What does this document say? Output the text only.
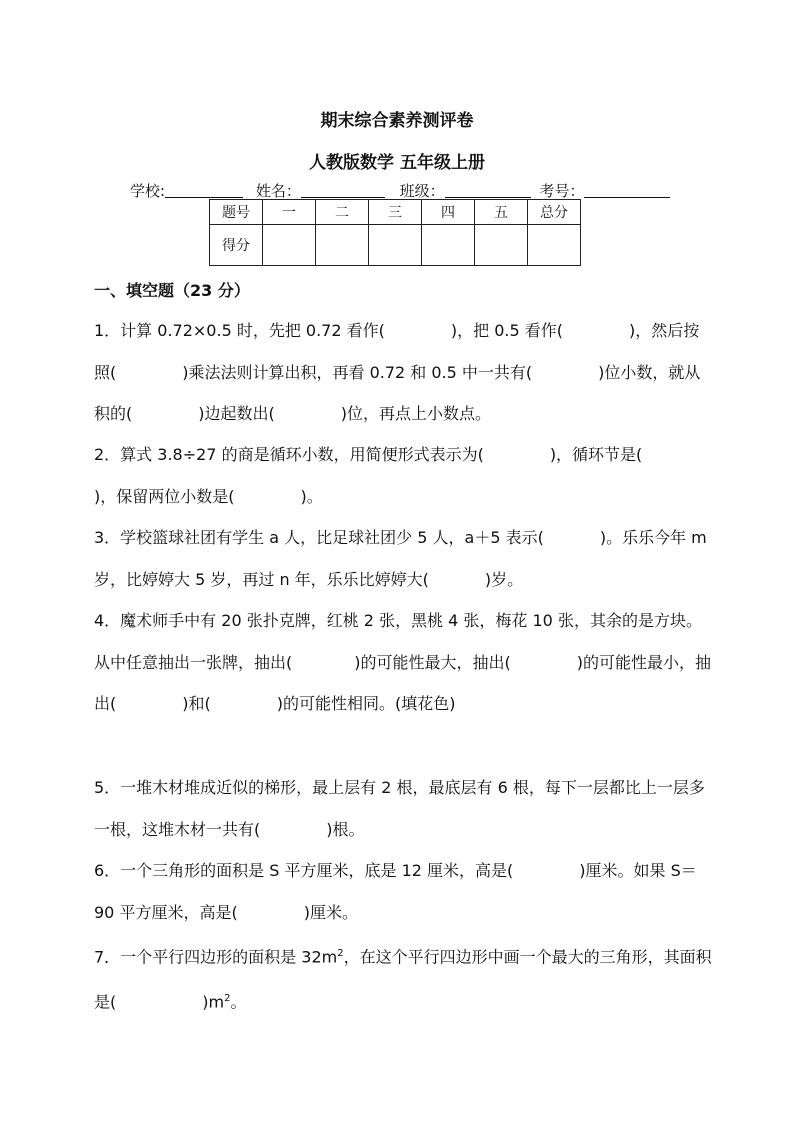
期末综合素养测评卷
人教版数学 五年级上册
学校:	姓名：	班级：	考号：
题号	一	二	三	四	五	总分
得分						
一、填空题（23 分）
1．计算 0.72×0.5 时，先把 0.72 看作(	)，把 0.5 看作(	)，然后按照(	)乘法法则计算出积，再看 0.72 和 0.5 中一共有(	)位小数，就从积的(	)边起数出(	)位，再点上小数点。
2．算式 3.8÷27 的商是循环小数，用简便形式表示为(	)，循环节是()，保留两位小数是(	)。
3．学校篮球社团有学生 a 人，比足球社团少 5 人，a＋5 表示(	)。乐乐今年 m 岁，比婷婷大 5 岁，再过 n 年，乐乐比婷婷大(	)岁。
4．魔术师手中有 20 张扑克牌，红桃 2 张，黑桃 4 张，梅花 10 张，其余的是方块。从中任意抽出一张牌，抽出(	)的可能性最大，抽出(	)的可能性最小，抽出(	)和(	)的可能性相同。(填花色)
5．一堆木材堆成近似的梯形，最上层有 2 根，最底层有 6 根，每下一层都比上一层多一根，这堆木材一共有(	)根。
6．一个三角形的面积是 S 平方厘米，底是 12 厘米，高是(	)厘米。如果 S＝90 平方厘米，高是(	)厘米。
7．一个平行四边形的面积是 $32m^2$，在这个平行四边形中画一个最大的三角形，其面积是(	)$m^2$。
